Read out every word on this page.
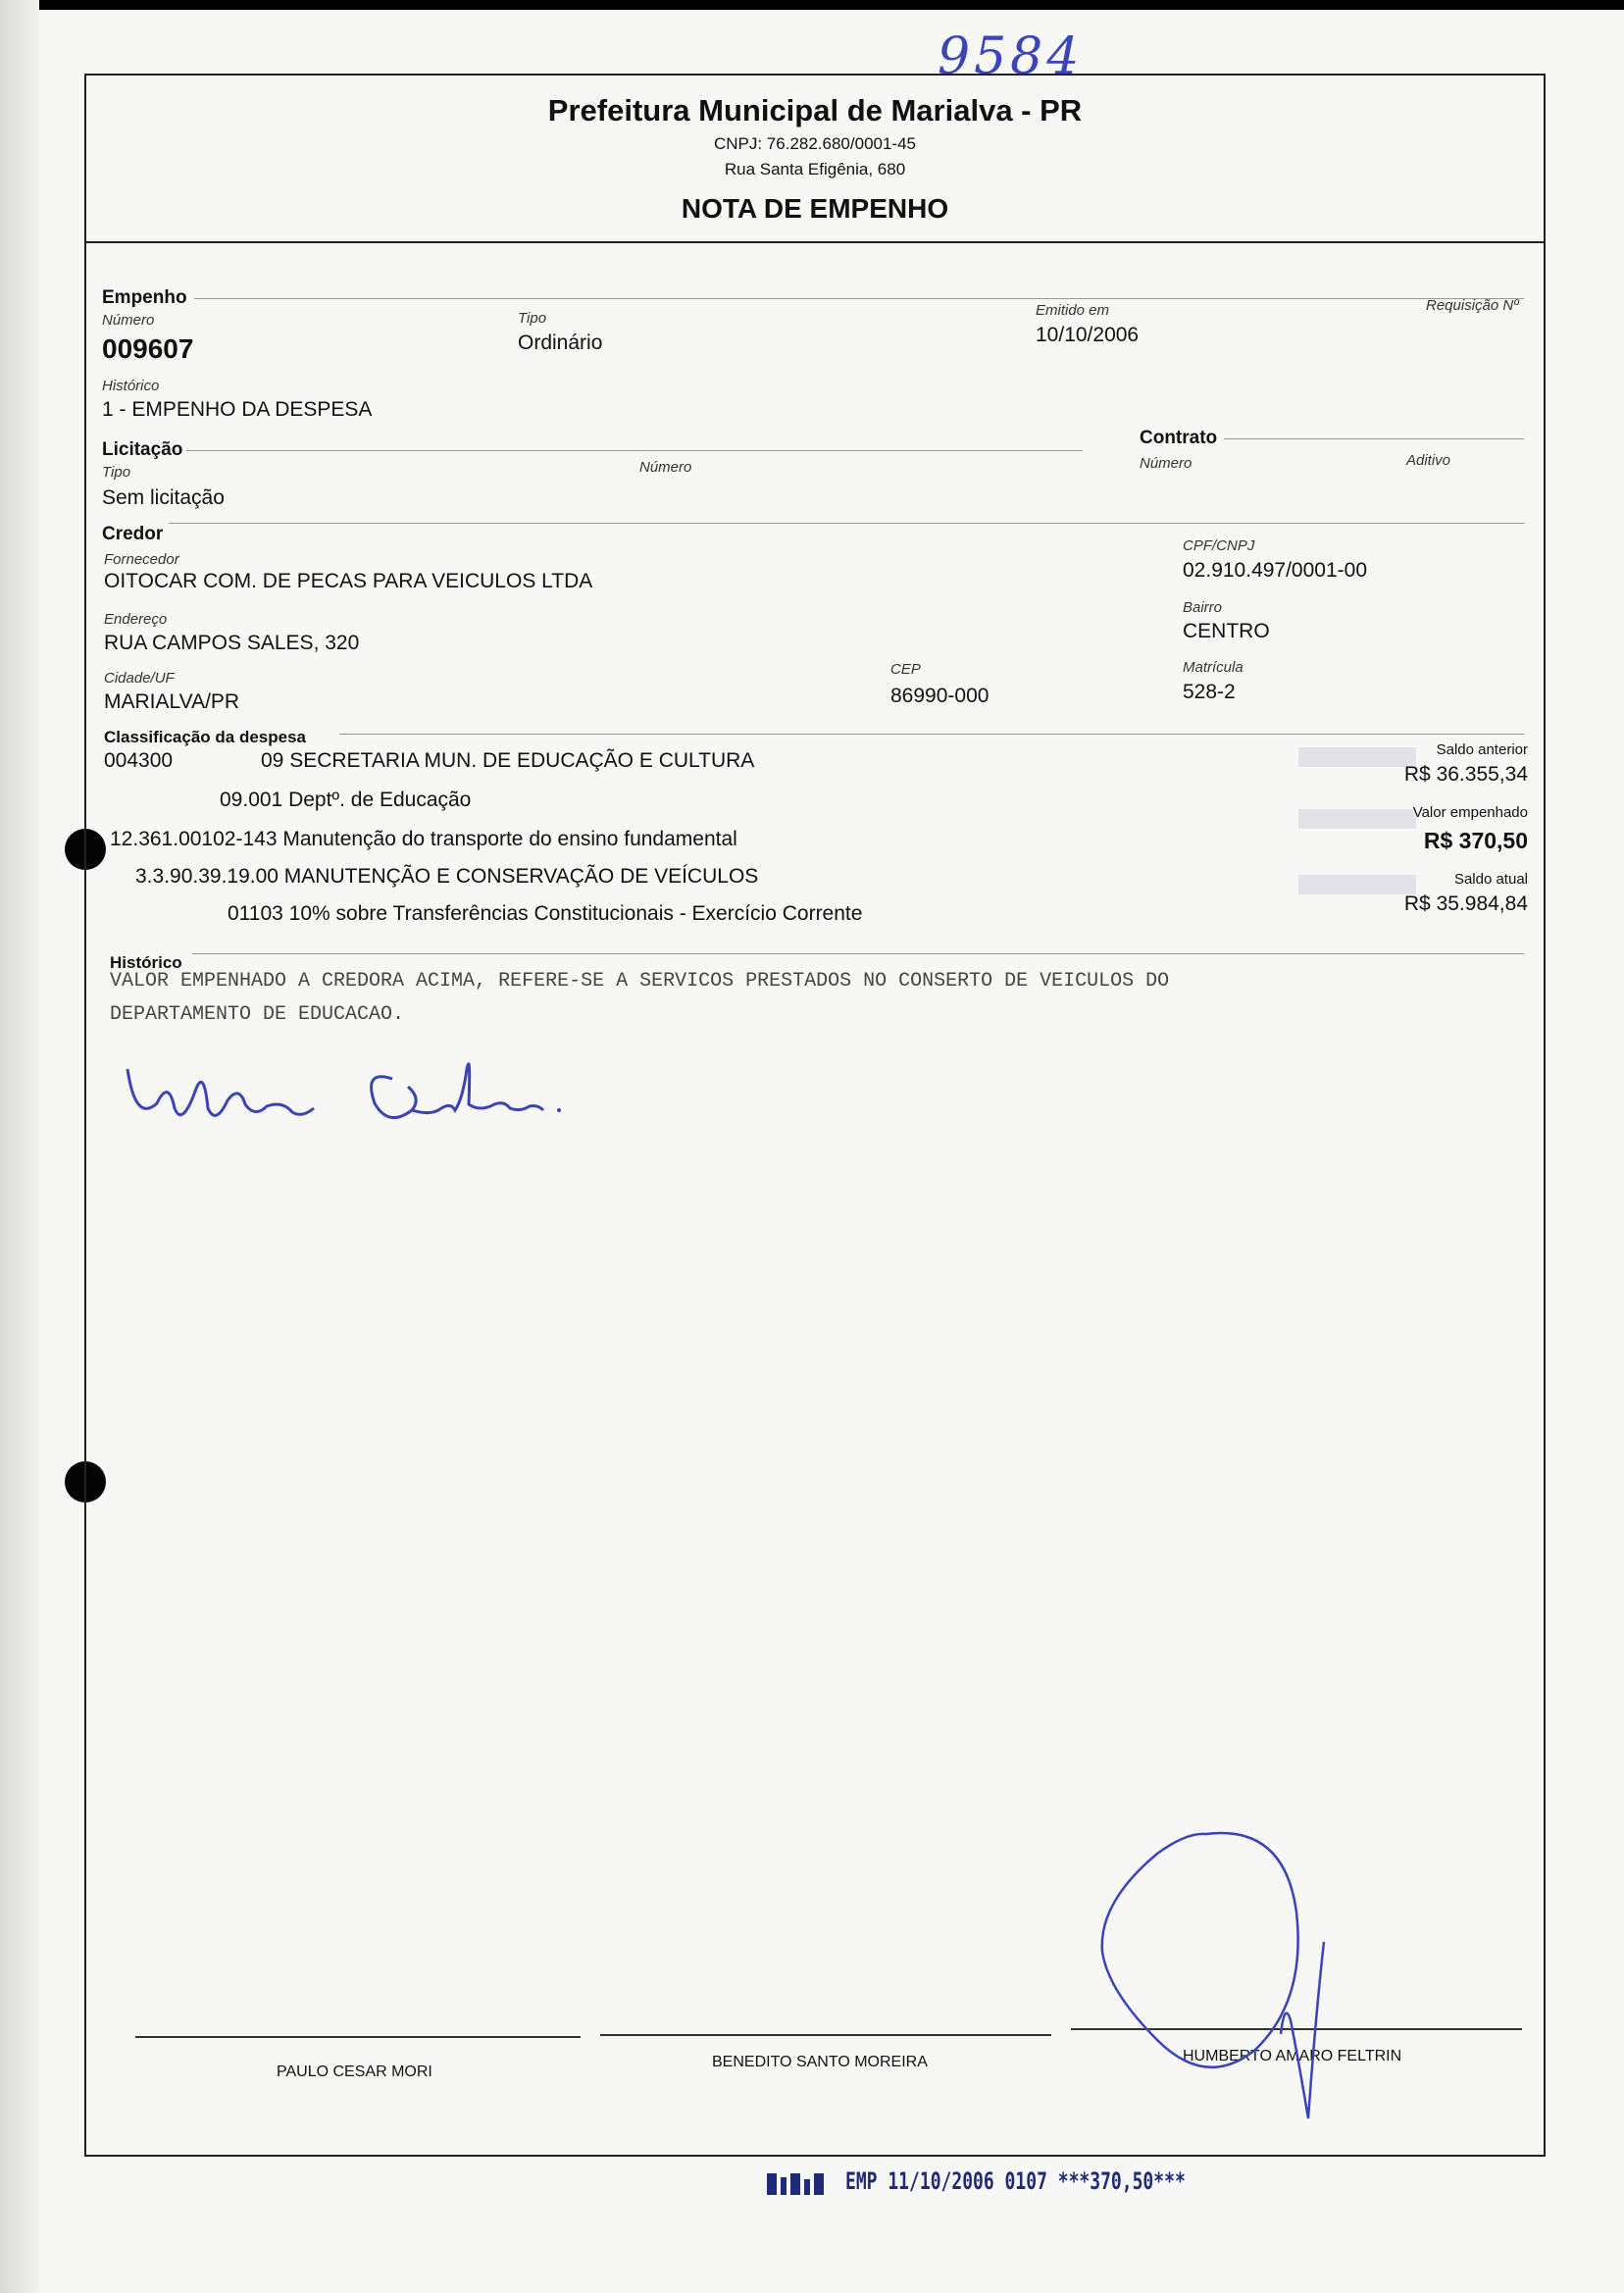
9584
Prefeitura Municipal de Marialva - PR
CNPJ: 76.282.680/0001-45
Rua Santa Efigênia, 680
NOTA DE EMPENHO
Empenho
Número
009607
Tipo
Ordinário
Emitido em
10/10/2006
Requisição Nº
Histórico
1 - EMPENHO DA DESPESA
Licitação
Contrato
Tipo
Sem licitação
Número	Número	Aditivo
Credor
Fornecedor
OITOCAR COM. DE PECAS PARA VEICULOS LTDA
CPF/CNPJ
02.910.497/0001-00
Endereço
RUA CAMPOS SALES, 320
Bairro
CENTRO
Cidade/UF
MARIALVA/PR
CEP
86990-000
Matrícula
528-2
Classificação da despesa
004300	09 SECRETARIA MUN. DE EDUCAÇÃO E CULTURA
09.001 Deptº. de Educação
12.361.00102-143 Manutenção do transporte do ensino fundamental
3.3.90.39.19.00 MANUTENÇÃO E CONSERVAÇÃO DE VEÍCULOS
01103 10% sobre Transferências Constitucionais - Exercício Corrente
Saldo anterior
R$ 36.355,34
Valor empenhado
R$ 370,50
Saldo atual
R$ 35.984,84
Histórico
VALOR EMPENHADO A CREDORA ACIMA, REFERE-SE A SERVICOS PRESTADOS NO CONSERTO DE VEICULOS DO
DEPARTAMENTO DE EDUCACAO.
PAULO CESAR MORI
BENEDITO SANTO MOREIRA	HUMBERTO AMARO FELTRIN
EMP 11/10/2006 0107 ***370,50***
